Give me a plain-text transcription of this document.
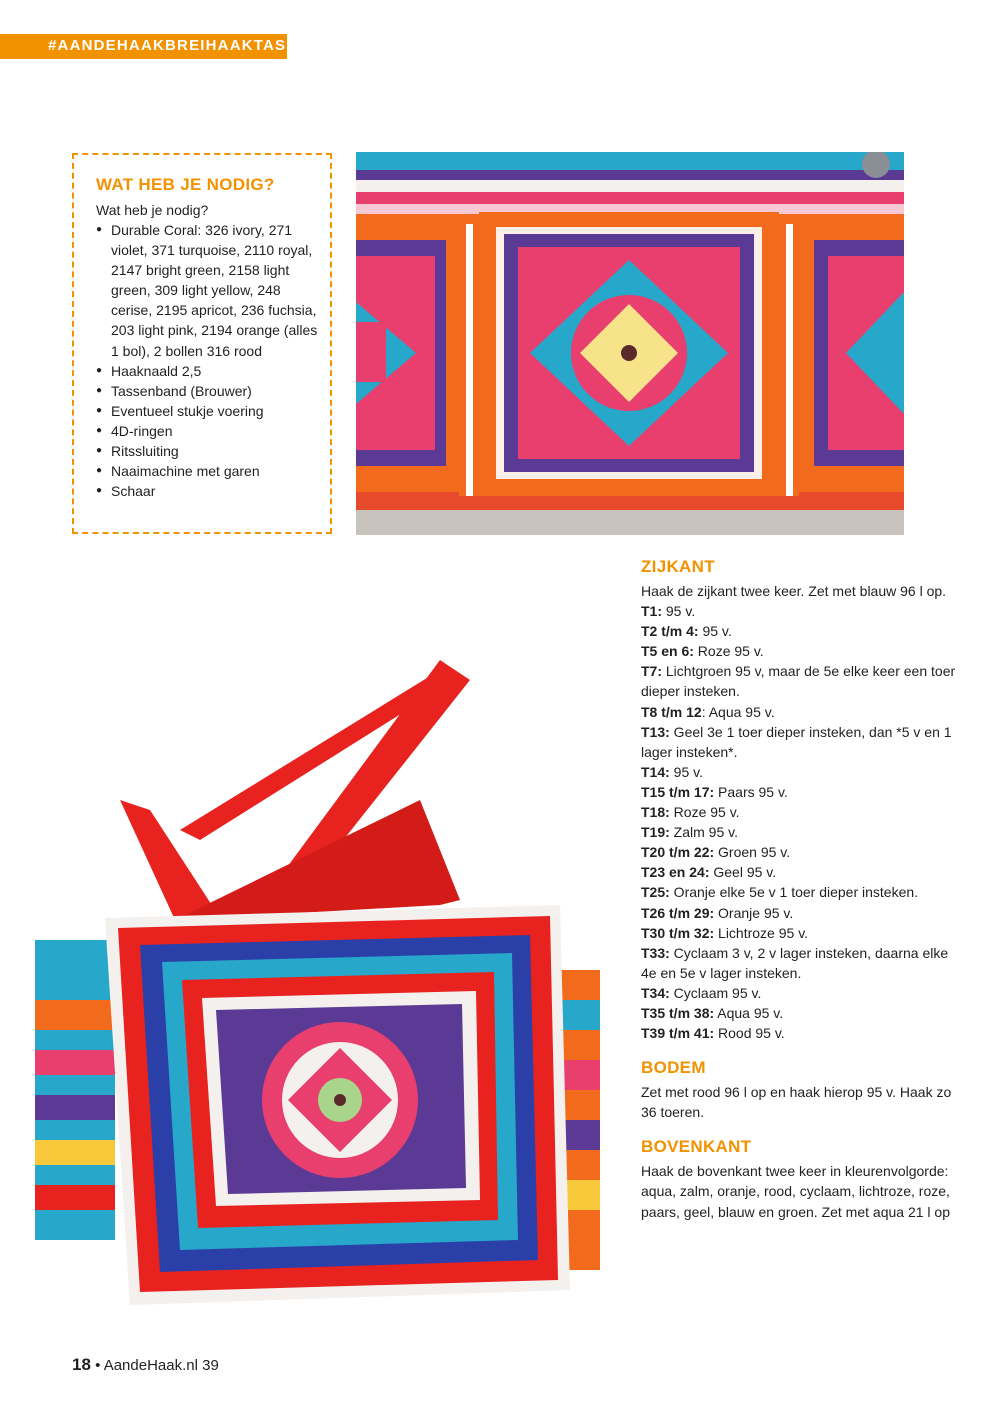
#AANDEHAAKBREIHAAKTAS
WAT HEB JE NODIG?

Wat heb je nodig?

● Durable Coral: 326 ivory, 271 violet, 371 turquoise, 2110 royal, 2147 bright green, 2158 light green, 309 light yellow, 248 cerise, 2195 apricot, 236 fuchsia, 203 light pink, 2194 orange (alles 1 bol), 2 bollen 316 rood
● Haaknaald 2,5
● Tassenband (Brouwer)
● Eventueel stukje voering
● 4D-ringen
● Ritssluiting
● Naaimachine met garen
● Schaar
ZIJKANT

Haak de zijkant twee keer. Zet met blauw 96 l op.

T1: 95 v.

T2 t/m 4: 95 v.

T5 en 6: Roze 95 v.

T7: Lichtgroen 95 v, maar de 5e elke keer een toer dieper insteken.

T8 t/m 12: Aqua 95 v.

T13: Geel 3e 1 toer dieper insteken, dan *5 v en 1 lager insteken*.

T14: 95 v.

T15 t/m 17: Paars 95 v.

T18: Roze 95 v.

T19: Zalm 95 v.

T20 t/m 22: Groen 95 v.

T23 en 24: Geel 95 v.

T25: Oranje elke 5e v 1 toer dieper insteken.

T26 t/m 29: Oranje 95 v.

T30 t/m 32: Lichtroze 95 v.

T33: Cyclaam 3 v, 2 v lager insteken, daarna elke 4e en 5e v lager insteken.

T34: Cyclaam 95 v.

T35 t/m 38: Aqua 95 v.

T39 t/m 41: Rood 95 v.

BODEM

Zet met rood 96 l op en haak hierop 95 v. Haak zo 36 toeren.

BOVENKANT

Haak de bovenkant twee keer in kleurenvolgorde: aqua, zalm, oranje, rood, cyclaam, lichtroze, roze, paars, geel, blauw en groen. Zet met aqua 21 l op

18 • AandeHaak.nl 39
